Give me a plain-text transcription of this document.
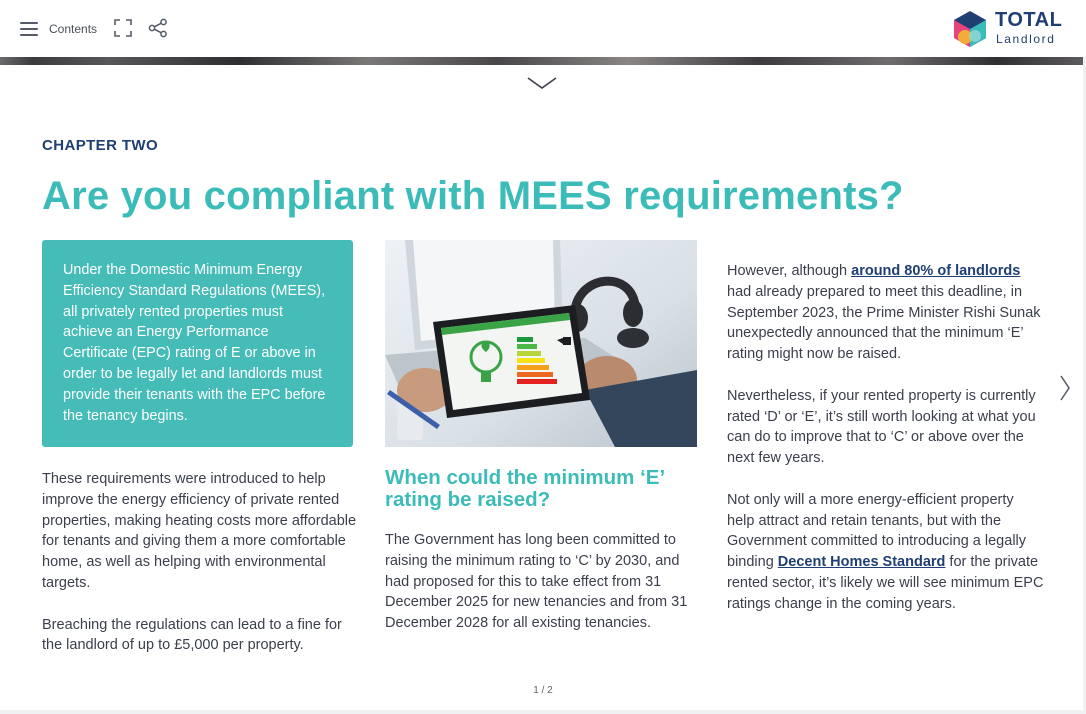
Contents	TOTAL
Landlord
CHAPTER TWO
Are you compliant with MEES requirements?
Under the Domestic Minimum Energy Efficiency Standard Regulations (MEES), all privately rented properties must achieve an Energy Performance Certificate (EPC) rating of E or above in order to be legally let and landlords must provide their tenants with the EPC before the tenancy begins.

These requirements were introduced to help improve the energy efficiency of private rented properties, making heating costs more affordable for tenants and giving them a more comfortable home, as well as helping with environmental targets.

Breaching the regulations can lead to a fine for the landlord of up to £5,000 per property.

When could the minimum ‘E’ rating be raised?

The Government has long been committed to raising the minimum rating to ‘C’ by 2030, and had proposed for this to take effect from 31 December 2025 for new tenancies and from 31 December 2028 for all existing tenancies.

However, although around 80% of landlords had already prepared to meet this deadline, in September 2023, the Prime Minister Rishi Sunak unexpectedly announced that the minimum ‘E’ rating might now be raised.

Nevertheless, if your rented property is currently rated ‘D’ or ‘E’, it’s still worth looking at what you can do to improve that to ‘C’ or above over the next few years.

Not only will a more energy-efficient property help attract and retain tenants, but with the Government committed to introducing a legally binding Decent Homes Standard for the private rented sector, it’s likely we will see minimum EPC ratings change in the coming years.

1 / 2
